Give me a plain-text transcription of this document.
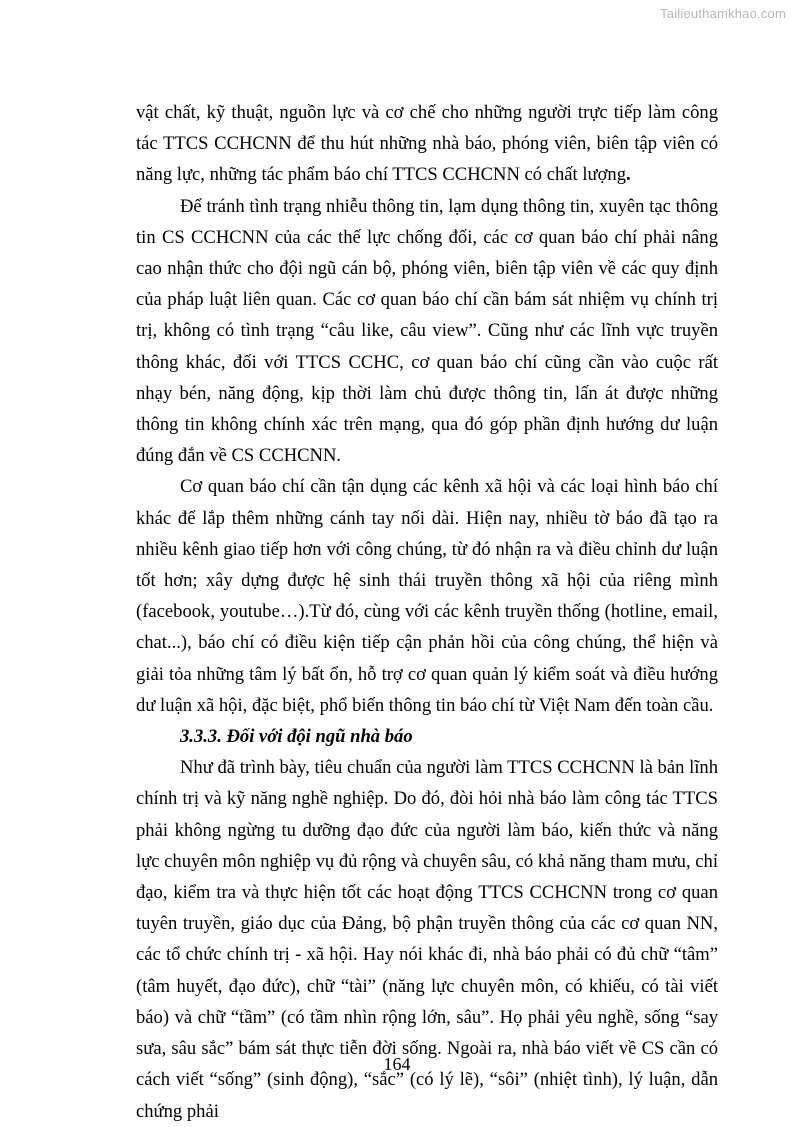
Tailieuthamkhao.com

vật chất, kỹ thuật, nguồn lực và cơ chế cho những người trực tiếp làm công tác TTCS CCHCNN để thu hút những nhà báo, phóng viên, biên tập viên có năng lực, những tác phẩm báo chí TTCS CCHCNN có chất lượng.

Để tránh tình trạng nhiễu thông tin, lạm dụng thông tin, xuyên tạc thông tin CS CCHCNN của các thế lực chống đối, các cơ quan báo chí phải nâng cao nhận thức cho đội ngũ cán bộ, phóng viên, biên tập viên về các quy định của pháp luật liên quan. Các cơ quan báo chí cần bám sát nhiệm vụ chính trị trị, không có tình trạng “câu like, câu view”. Cũng như các lĩnh vực truyền thông khác, đối với TTCS CCHC, cơ quan báo chí cũng cần vào cuộc rất nhạy bén, năng động, kịp thời làm chủ được thông tin, lấn át được những thông tin không chính xác trên mạng, qua đó góp phần định hướng dư luận đúng đắn về CS CCHCNN.

Cơ quan báo chí cần tận dụng các kênh xã hội và các loại hình báo chí khác để lắp thêm những cánh tay nối dài. Hiện nay, nhiều tờ báo đã tạo ra nhiều kênh giao tiếp hơn với công chúng, từ đó nhận ra và điều chỉnh dư luận tốt hơn; xây dựng được hệ sinh thái truyền thông xã hội của riêng mình (facebook, youtube…).Từ đó, cùng với các kênh truyền thống (hotline, email, chat...), báo chí có điều kiện tiếp cận phản hồi của công chúng, thể hiện và giải tỏa những tâm lý bất ổn, hỗ trợ cơ quan quản lý kiểm soát và điều hướng dư luận xã hội, đặc biệt, phổ biến thông tin báo chí từ Việt Nam đến toàn cầu.

3.3.3. Đối với đội ngũ nhà báo

Như đã trình bày, tiêu chuẩn của người làm TTCS CCHCNN là bản lĩnh chính trị và kỹ năng nghề nghiệp. Do đó, đòi hỏi nhà báo làm công tác TTCS phải không ngừng tu dưỡng đạo đức của người làm báo, kiến thức và năng lực chuyên môn nghiệp vụ đủ rộng và chuyên sâu, có khả năng tham mưu, chỉ đạo, kiểm tra và thực hiện tốt các hoạt động TTCS CCHCNN trong cơ quan tuyên truyền, giáo dục của Đảng, bộ phận truyền thông của các cơ quan NN, các tổ chức chính trị - xã hội. Hay nói khác đi, nhà báo phải có đủ chữ “tâm” (tâm huyết, đạo đức), chữ “tài” (năng lực chuyên môn, có khiếu, có tài viết báo) và chữ “tầm” (có tầm nhìn rộng lớn, sâu”. Họ phải yêu nghề, sống “say sưa, sâu sắc” bám sát thực tiễn đời sống. Ngoài ra, nhà báo viết về CS cần có cách viết “sống” (sinh động), “sắc” (có lý lẽ), “sôi” (nhiệt tình), lý luận, dẫn chứng phải

164
